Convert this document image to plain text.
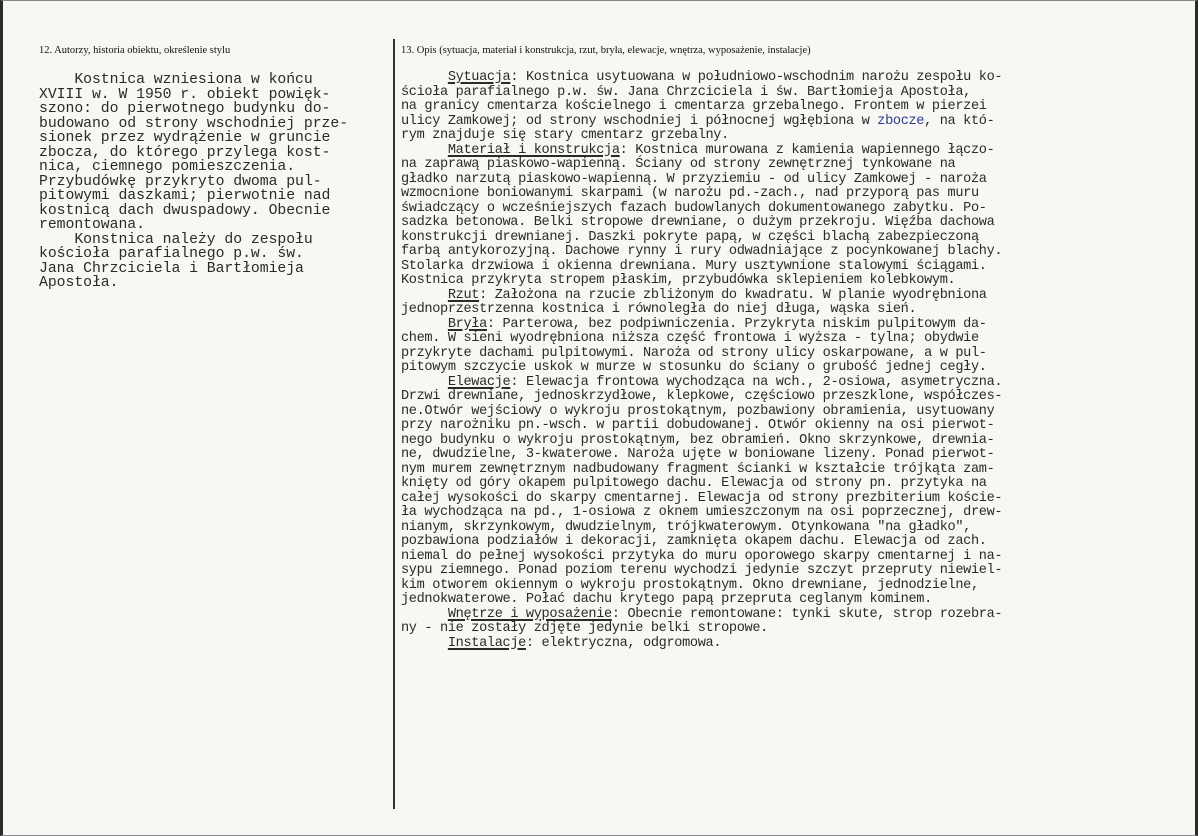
12. Autorzy, historia obiektu, określenie stylu	13. Opis (sytuacja, materiał i konstrukcja, rzut, bryła, elewacje, wnętrza, wyposażenie, instalacje)
Kostnica wzniesiona w końcu
XVIII w. W 1950 r. obiekt powięk-
szono: do pierwotnego budynku do-
budowano od strony wschodniej prze-
sionek przez wydrążenie w gruncie
zbocza, do którego przylega kost-
nica, ciemnego pomieszczenia.
Przybudówkę przykryto dwoma pul-
pitowymi daszkami; pierwotnie nad
kostnicą dach dwuspadowy. Obecnie
remontowana.
Konstnica należy do zespołu
kościoła parafialnego p.w. św.
Jana Chrzciciela i Bartłomieja
Apostoła.
Sytuacja: Kostnica usytuowana w południowo-wschodnim narożu zespołu ko-
ścioła parafialnego p.w. św. Jana Chrzciciela i św. Bartłomieja Apostoła,
na granicy cmentarza kościelnego i cmentarza grzebalnego. Frontem w pierzei
ulicy Zamkowej; od strony wschodniej i północnej wgłębiona w zbocze, na któ-
rym znajduje się stary cmentarz grzebalny.
Materiał i konstrukcja: Kostnica murowana z kamienia wapiennego łączo-
na zaprawą piaskowo-wapienną. Ściany od strony zewnętrznej tynkowane na
gładko narzutą piaskowo-wapienną. W przyziemiu - od ulicy Zamkowej - naroża
wzmocnione boniowanymi skarpami (w narożu pd.-zach., nad przyporą pas muru
świadczący o wcześniejszych fazach budowlanych dokumentowanego zabytku. Po-
sadzka betonowa. Belki stropowe drewniane, o dużym przekroju. Więźba dachowa
konstrukcji drewnianej. Daszki pokryte papą, w części blachą zabezpieczoną
farbą antykorozyjną. Dachowe rynny i rury odwadniające z pocynkowanej blachy.
Stolarka drzwiowa i okienna drewniana. Mury usztywnione stalowymi ściągami.
Kostnica przykryta stropem płaskim, przybudówka sklepieniem kolebkowym.
Rzut: Założona na rzucie zbliżonym do kwadratu. W planie wyodrębniona
jednoprzestrzenna kostnica i równoległa do niej długa, wąska sień.
Bryła: Parterowa, bez podpiwniczenia. Przykryta niskim pulpitowym da-
chem. W sieni wyodrębniona niższa część frontowa i wyższa - tylna; obydwie
przykryte dachami pulpitowymi. Naroża od strony ulicy oskarpowane, a w pul-
pitowym szczycie uskok w murze w stosunku do ściany o grubość jednej cegły.
Elewacje: Elewacja frontowa wychodząca na wch., 2-osiowa, asymetryczna.
Drzwi drewniane, jednoskrzydłowe, klepkowe, częściowo przeszklone, współczes-
ne.Otwór wejściowy o wykroju prostokątnym, pozbawiony obramienia, usytuowany
przy narożniku pn.-wsch. w partii dobudowanej. Otwór okienny na osi pierwot-
nego budynku o wykroju prostokątnym, bez obramień. Okno skrzynkowe, drewnia-
ne, dwudzielne, 3-kwaterowe. Naroża ujęte w boniowane lizeny. Ponad pierwot-
nym murem zewnętrznym nadbudowany fragment ścianki w kształcie trójkąta zam-
knięty od góry okapem pulpitowego dachu. Elewacja od strony pn. przytyka na
całej wysokości do skarpy cmentarnej. Elewacja od strony prezbiterium koście-
ła wychodząca na pd., 1-osiowa z oknem umieszczonym na osi poprzecznej, drew-
nianym, skrzynkowym, dwudzielnym, trójkwaterowym. Otynkowana "na gładko",
pozbawiona podziałów i dekoracji, zamknięta okapem dachu. Elewacja od zach.
niemal do pełnej wysokości przytyka do muru oporowego skarpy cmentarnej i na-
sypu ziemnego. Ponad poziom terenu wychodzi jedynie szczyt przepruty niewiel-
kim otworem okiennym o wykroju prostokątnym. Okno drewniane, jednodzielne,
jednokwaterowe. Połać dachu krytego papą przepruta ceglanym kominem.
Wnętrze i wyposażenie: Obecnie remontowane: tynki skute, strop rozebra-
ny - nie zostały zdjęte jedynie belki stropowe.
Instalacje: elektryczna, odgromowa.
